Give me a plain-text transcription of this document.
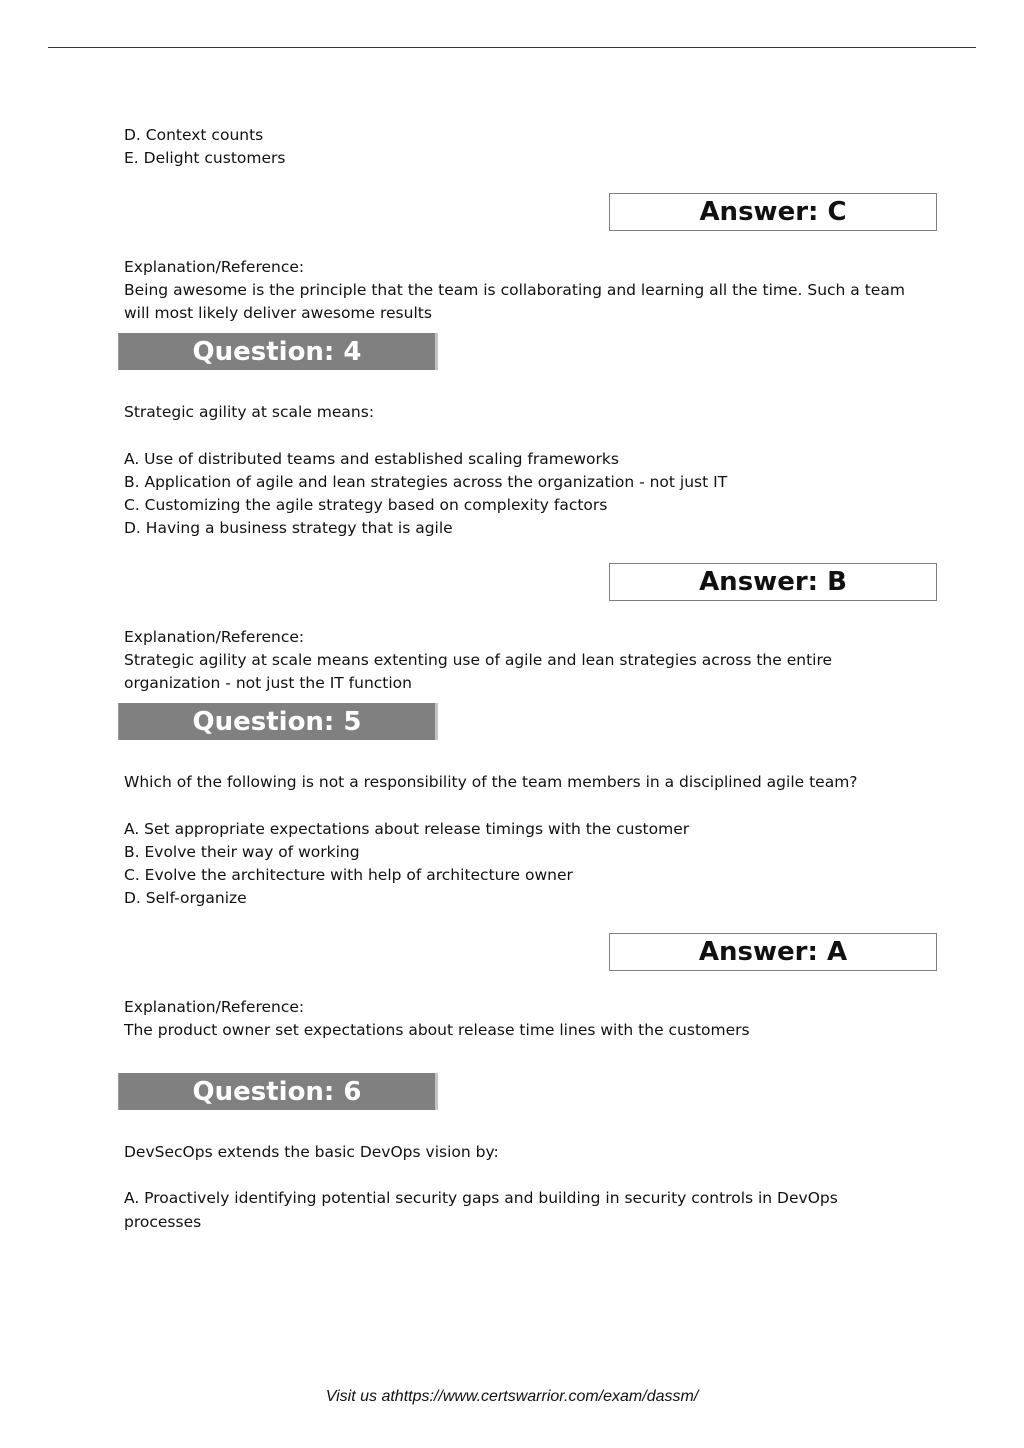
D. Context counts
E. Delight customers
Answer: C
Explanation/Reference:
Being awesome is the principle that the team is collaborating and learning all the time. Such a team
will most likely deliver awesome results
Question: 4
Strategic agility at scale means:
A. Use of distributed teams and established scaling frameworks
B. Application of agile and lean strategies across the organization - not just IT
C. Customizing the agile strategy based on complexity factors
D. Having a business strategy that is agile
Answer: B
Explanation/Reference:
Strategic agility at scale means extenting use of agile and lean strategies across the entire
organization - not just the IT function
Question: 5
Which of the following is not a responsibility of the team members in a disciplined agile team?
A. Set appropriate expectations about release timings with the customer
B. Evolve their way of working
C. Evolve the architecture with help of architecture owner
D. Self-organize
Answer: A
Explanation/Reference:
The product owner set expectations about release time lines with the customers
Question: 6
DevSecOps extends the basic DevOps vision by:
A. Proactively identifying potential security gaps and building in security controls in DevOps
processes
Visit us athttps://www.certswarrior.com/exam/dassm/
